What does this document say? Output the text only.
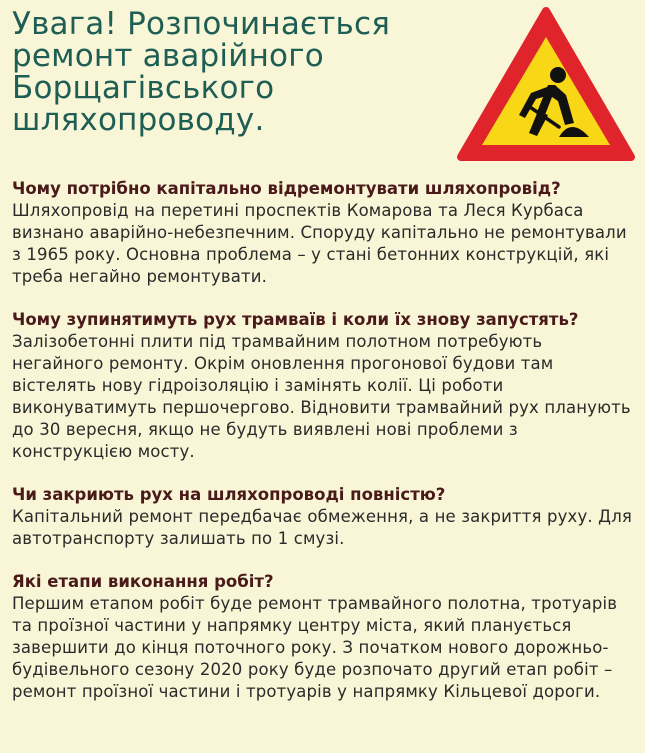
Увага! Розпочинається ремонт аварійного Борщагівського шляхопроводу.

Чому потрібно капітально відремонтувати шляхопровід?

Шляхопровід на перетині проспектів Комарова та Леся Курбаса визнано аварійно-небезпечним. Споруду капітально не ремонтували з 1965 року. Основна проблема – у стані бетонних конструкцій, які треба негайно ремонтувати.

Чому зупинятимуть рух трамваїв і коли їх знову запустять?

Залізобетонні плити під трамвайним полотном потребують негайного ремонту. Окрім оновлення прогонової будови там вістелять нову гідроізоляцію і замінять колії. Ці роботи виконуватимуть першочергово. Відновити трамвайний рух планують до 30 вересня, якщо не будуть виявлені нові проблеми з конструкцією мосту.

Чи закриють рух на шляхопроводі повністю?

Капітальний ремонт передбачає обмеження, а не закриття руху. Для автотранспорту залишать по 1 смузі.

Які етапи виконання робіт?

Першим етапом робіт буде ремонт трамвайного полотна, тротуарів та проїзної частини у напрямку центру міста, який планується завершити до кінця поточного року. З початком нового дорожньо-будівельного сезону 2020 року буде розпочато другий етап робіт – ремонт проїзної частини і тротуарів у напрямку Кільцевої дороги.
